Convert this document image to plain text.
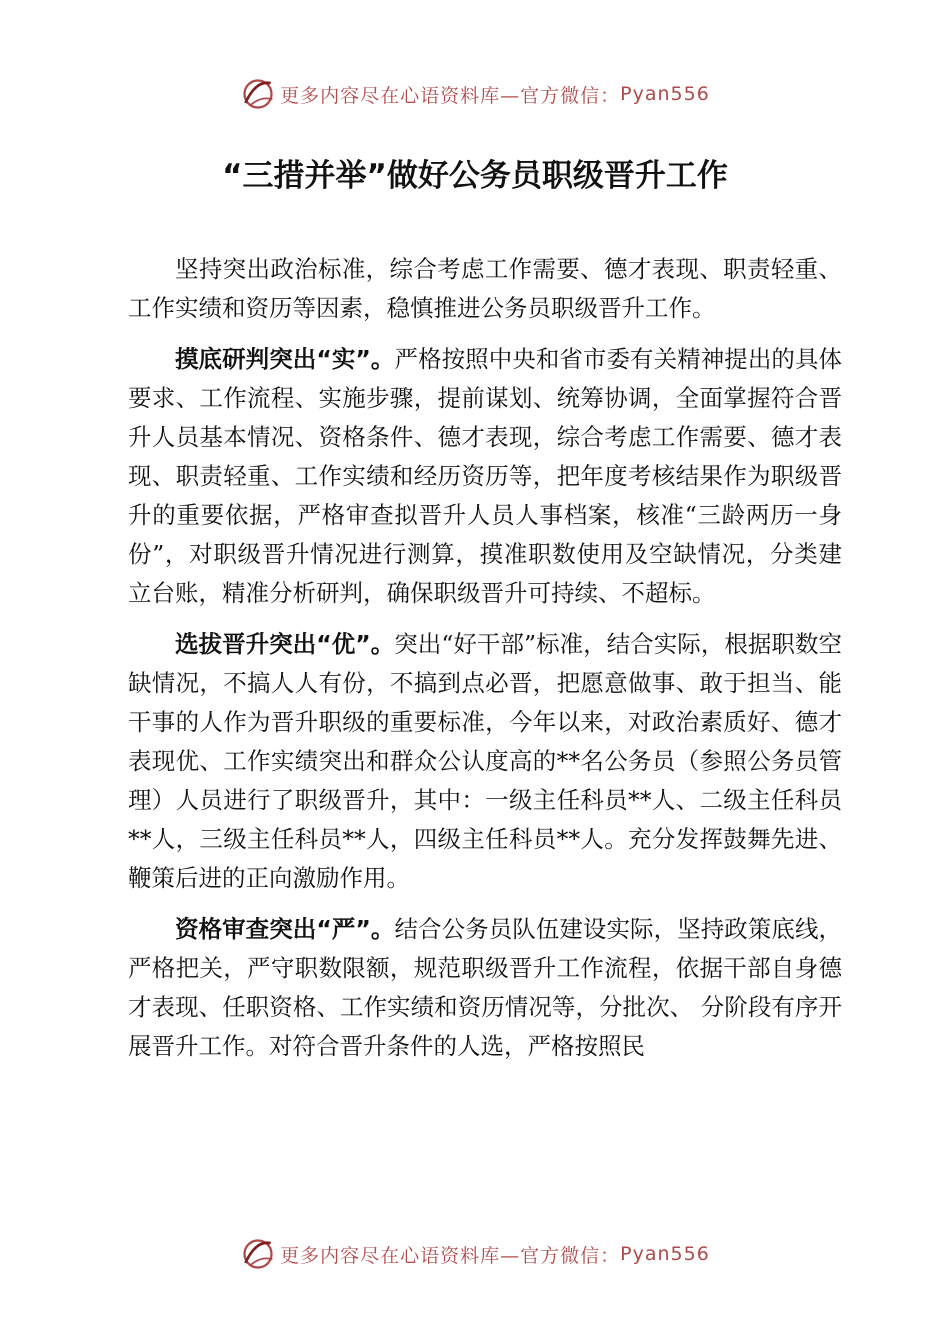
更多内容尽在心语资料库—官方微信： Pyan556
“三措并举”做好公务员职级晋升工作

坚持突出政治标准，综合考虑工作需要、德才表现、职责轻重、工作实绩和资历等因素，稳慎推进公务员职级晋升工作。

摸底研判突出“实”。严格按照中央和省市委有关精神提出的具体要求、工作流程、实施步骤，提前谋划、统筹协调，全面掌握符合晋升人员基本情况、资格条件、德才表现，综合考虑工作需要、德才表现、职责轻重、工作实绩和经历资历等，把年度考核结果作为职级晋升的重要依据，严格审查拟晋升人员人事档案，核准“三龄两历一身份”，对职级晋升情况进行测算，摸准职数使用及空缺情况，分类建立台账，精准分析研判，确保职级晋升可持续、不超标。

选拔晋升突出“优”。突出“好干部”标准，结合实际，根据职数空缺情况，不搞人人有份，不搞到点必晋，把愿意做事、敢于担当、能干事的人作为晋升职级的重要标准，今年以来，对政治素质好、德才表现优、工作实绩突出和群众公认度高的**名公务员（参照公务员管理）人员进行了职级晋升，其中：一级主任科员**人、二级主任科员**人，三级主任科员**人，四级主任科员**人。充分发挥鼓舞先进、鞭策后进的正向激励作用。

资格审查突出“严”。结合公务员队伍建设实际，坚持政策底线，严格把关，严守职数限额，规范职级晋升工作流程，依据干部自身德才表现、任职资格、工作实绩和资历情况等，分批次、 分阶段有序开展晋升工作。对符合晋升条件的人选，严格按照民

更多内容尽在心语资料库—官方微信： Pyan556
